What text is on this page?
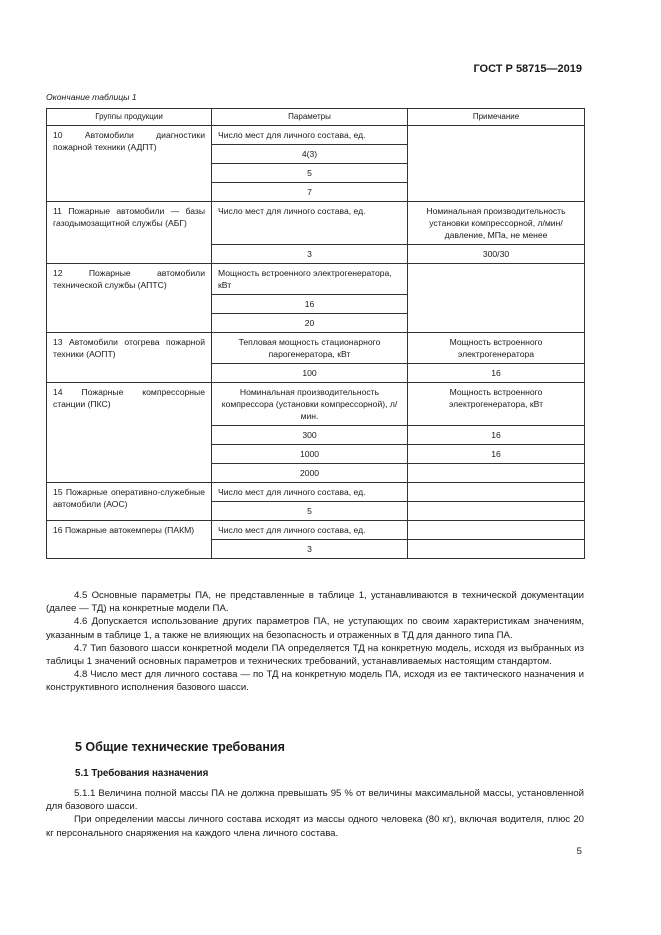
ГОСТ Р 58715—2019
Окончание таблицы 1
Группы продукции	Параметры	Примечание
10 Автомобили диагностики пожарной техники (АДПТ)	Число мест для личного состава, ед.	
	4(3)	
	5	
	7	
11 Пожарные автомобили — базы газодымозащитной службы (АБГ)	Число мест для личного состава, ед.	Номинальная производительность установки компрессорной, л/мин/давление, МПа, не менее
	3	300/30
12 Пожарные автомобили технической службы (АПТС)	Мощность встроенного электрогенератора, кВт	
	16	
	20	
13 Автомобили отогрева пожарной техники (АОПТ)	Тепловая мощность стационарного парогенератора, кВт	Мощность встроенного электрогенератора
	100	16
14 Пожарные компрессорные станции (ПКС)	Номинальная производительность компрессора (установки компрессорной), л/мин.	Мощность встроенного электрогенератора, кВт
	300	16
	1000	16
	2000	
15 Пожарные оперативно-служебные автомобили (АОС)	Число мест для личного состава, ед.	
	5	
16 Пожарные автокемперы (ПАКМ)	Число мест для личного состава, ед.	
	3	

4.5 Основные параметры ПА, не представленные в таблице 1, устанавливаются в технической документации (далее — ТД) на конкретные модели ПА.

4.6 Допускается использование других параметров ПА, не уступающих по своим характеристикам значениям, указанным в таблице 1, а также не влияющих на безопасность и отраженных в ТД для данного типа ПА.

4.7 Тип базового шасси конкретной модели ПА определяется ТД на конкретную модель, исходя из выбранных из таблицы 1 значений основных параметров и технических требований, устанавливаемых настоящим стандартом.

4.8 Число мест для личного состава — по ТД на конкретную модель ПА, исходя из ее тактического назначения и конструктивного исполнения базового шасси.

5 Общие технические требования
5.1 Требования назначения

5.1.1 Величина полной массы ПА не должна превышать 95 % от величины максимальной массы, установленной для базового шасси.

При определении массы личного состава исходят из массы одного человека (80 кг), включая водителя, плюс 20 кг персонального снаряжения на каждого члена личного состава.

5
